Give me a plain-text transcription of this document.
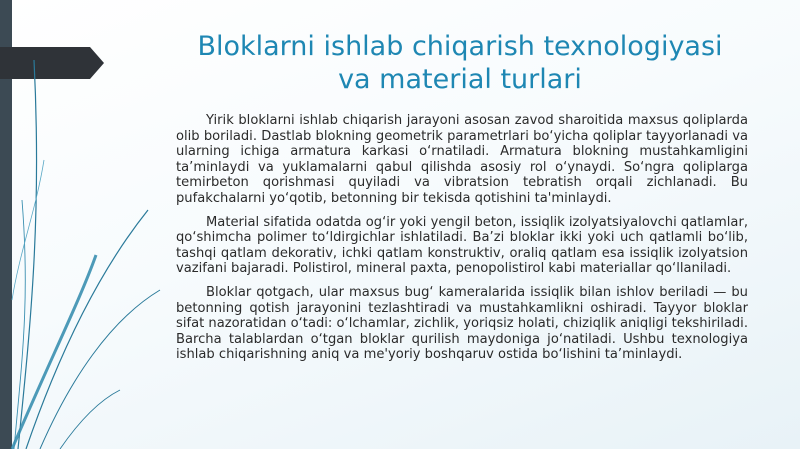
Bloklarni ishlab chiqarish texnologiyasi
va material turlari

Yirik bloklarni ishlab chiqarish jarayoni asosan zavod sharoitida maxsus qoliplarda olib boriladi. Dastlab blokning geometrik parametrlari bo‘yicha qoliplar tayyorlanadi va ularning ichiga armatura karkasi o‘rnatiladi. Armatura blokning mustahkamligini ta’minlaydi va yuklamalarni qabul qilishda asosiy rol o‘ynaydi. So‘ngra qoliplarga temirbeton qorishmasi quyiladi va vibratsion tebratish orqali zichlanadi. Bu pufakchalarni yo‘qotib, betonning bir tekisda qotishini ta'minlaydi.

Material sifatida odatda og‘ir yoki yengil beton, issiqlik izolyatsiyalovchi qatlamlar, qo‘shimcha polimer to‘ldirgichlar ishlatiladi. Ba’zi bloklar ikki yoki uch qatlamli bo‘lib, tashqi qatlam dekorativ, ichki qatlam konstruktiv, oraliq qatlam esa issiqlik izolyatsion vazifani bajaradi. Polistirol, mineral paxta, penopolistirol kabi materiallar qo‘llaniladi.

Bloklar qotgach, ular maxsus bug‘ kameralarida issiqlik bilan ishlov beriladi — bu betonning qotish jarayonini tezlashtiradi va mustahkamlikni oshiradi. Tayyor bloklar sifat nazoratidan o‘tadi: o‘lchamlar, zichlik, yoriqsiz holati, chiziqlik aniqligi tekshiriladi. Barcha talablardan o‘tgan bloklar qurilish maydoniga jo‘natiladi. Ushbu texnologiya ishlab chiqarishning aniq va me'yoriy boshqaruv ostida bo‘lishini ta’minlaydi.
